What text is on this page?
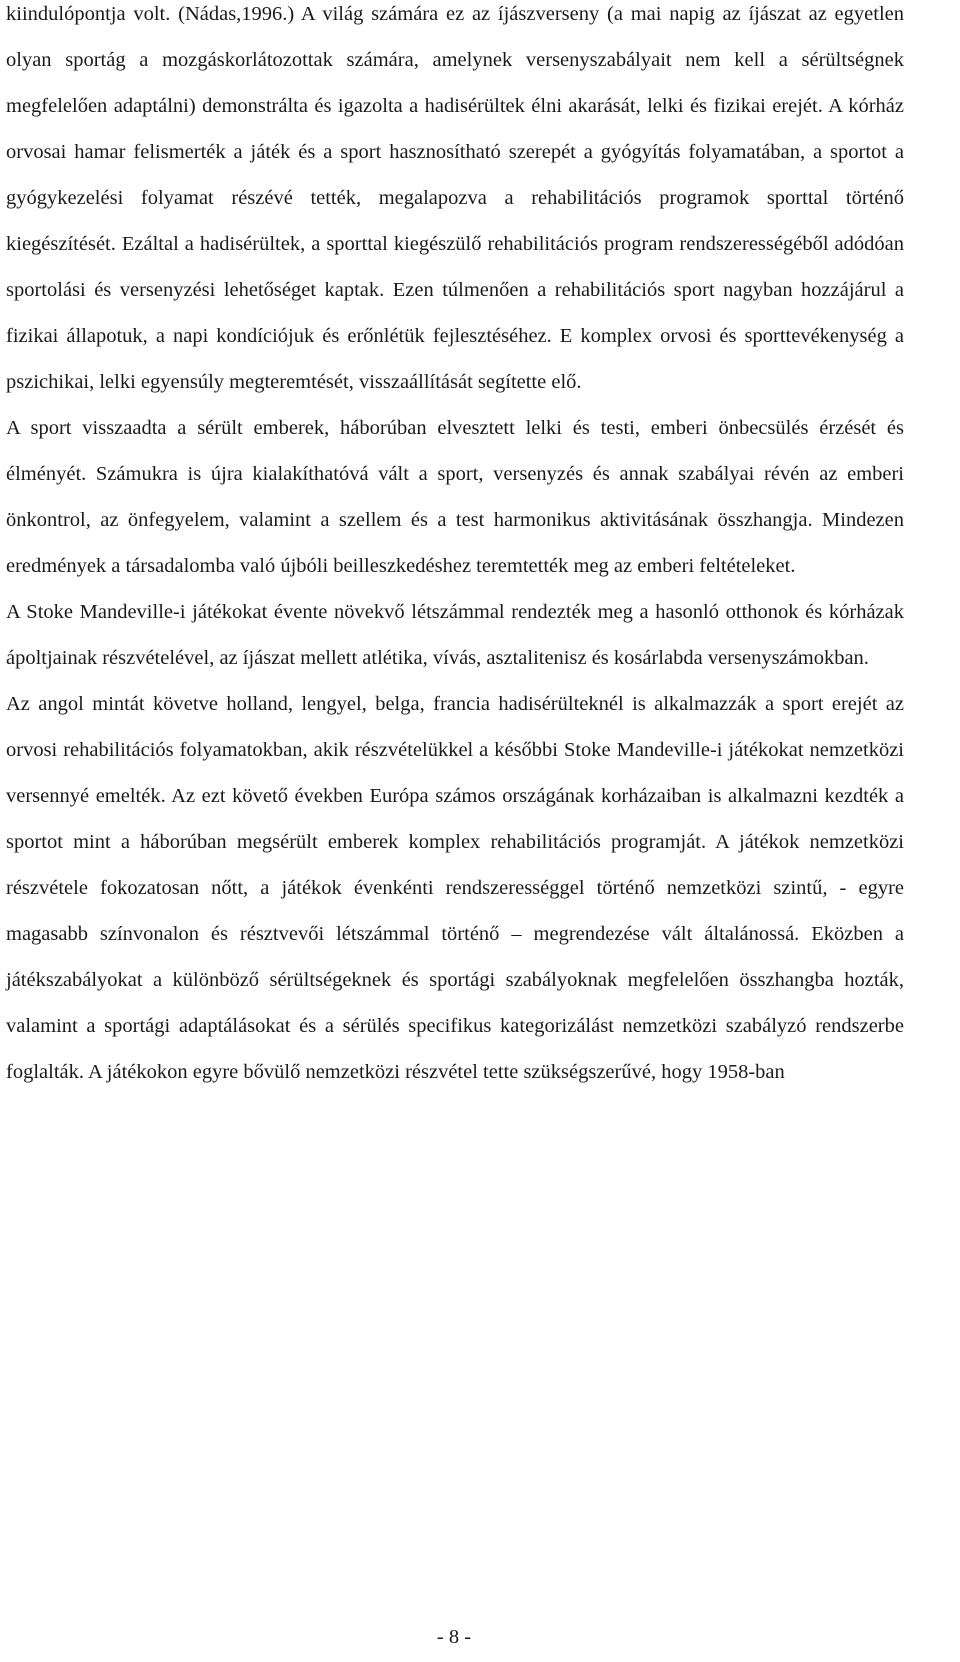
kiindulópontja volt. (Nádas,1996.) A világ számára ez az íjászverseny (a mai napig az íjászat az egyetlen olyan sportág a mozgáskorlátozottak számára, amelynek versenyszabályait nem kell a sérültségnek megfelelően adaptálni) demonstrálta és igazolta a hadisérültek élni akarását, lelki és fizikai erejét. A kórház orvosai hamar felismerték a játék és a sport hasznosítható szerepét a gyógyítás folyamatában, a sportot a gyógykezelési folyamat részévé tették, megalapozva a rehabilitációs programok sporttal történő kiegészítését. Ezáltal a hadisérültek, a sporttal kiegészülő rehabilitációs program rendszerességéből adódóan sportolási és versenyzési lehetőséget kaptak. Ezen túlmenően a rehabilitációs sport nagyban hozzájárul a fizikai állapotuk, a napi kondíciójuk és erőnlétük fejlesztéséhez. E komplex orvosi és sporttevékenység a pszichikai, lelki egyensúly megteremtését, visszaállítását segítette elő.

A sport visszaadta a sérült emberek, háborúban elvesztett lelki és testi, emberi önbecsülés érzését és élményét. Számukra is újra kialakíthatóvá vált a sport, versenyzés és annak szabályai révén az emberi önkontrol, az önfegyelem, valamint a szellem és a test harmonikus aktivitásának összhangja. Mindezen eredmények a társadalomba való újbóli beilleszkedéshez teremtették meg az emberi feltételeket.

A Stoke Mandeville-i játékokat évente növekvő létszámmal rendezték meg a hasonló otthonok és kórházak ápoltjainak részvételével, az íjászat mellett atlétika, vívás, asztalitenisz és kosárlabda versenyszámokban.

Az angol mintát követve holland, lengyel, belga, francia hadisérülteknél is alkalmazzák a sport erejét az orvosi rehabilitációs folyamatokban, akik részvételükkel a későbbi Stoke Mandeville-i játékokat nemzetközi versennyé emelték. Az ezt követő években Európa számos országának korházaiban is alkalmazni kezdték a sportot mint a háborúban megsérült emberek komplex rehabilitációs programját. A játékok nemzetközi részvétele fokozatosan nőtt, a játékok évenkénti rendszerességgel történő nemzetközi szintű, - egyre magasabb színvonalon és résztvevői létszámmal történő – megrendezése vált általánossá. Eközben a játékszabályokat a különböző sérültségeknek és sportági szabályoknak megfelelően összhangba hozták, valamint a sportági adaptálásokat és a sérülés specifikus kategorizálást nemzetközi szabályzó rendszerbe foglalták. A játékokon egyre bővülő nemzetközi részvétel tette szükségszerűvé, hogy 1958-ban

- 8 -
